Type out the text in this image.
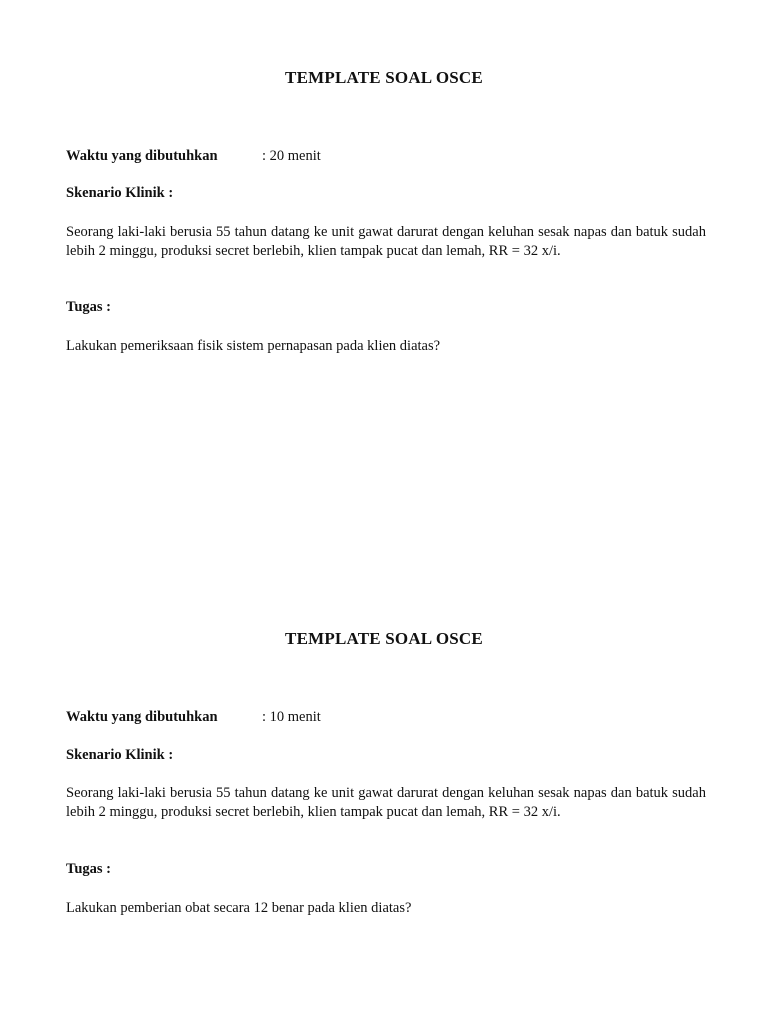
TEMPLATE SOAL OSCE
Waktu yang dibutuhkan	: 20 menit
Skenario Klinik :
Seorang laki-laki berusia 55 tahun datang ke unit gawat darurat dengan keluhan sesak napas dan batuk sudah lebih 2 minggu, produksi secret berlebih, klien tampak pucat dan lemah, RR = 32 x/i.
Tugas :
Lakukan pemeriksaan fisik sistem pernapasan pada klien diatas?
TEMPLATE SOAL OSCE
Waktu yang dibutuhkan	: 10 menit
Skenario Klinik :
Seorang laki-laki berusia 55 tahun datang ke unit gawat darurat dengan keluhan sesak napas dan batuk sudah lebih 2 minggu, produksi secret berlebih, klien tampak pucat dan lemah, RR = 32 x/i.
Tugas :
Lakukan pemberian obat secara 12 benar pada klien diatas?
